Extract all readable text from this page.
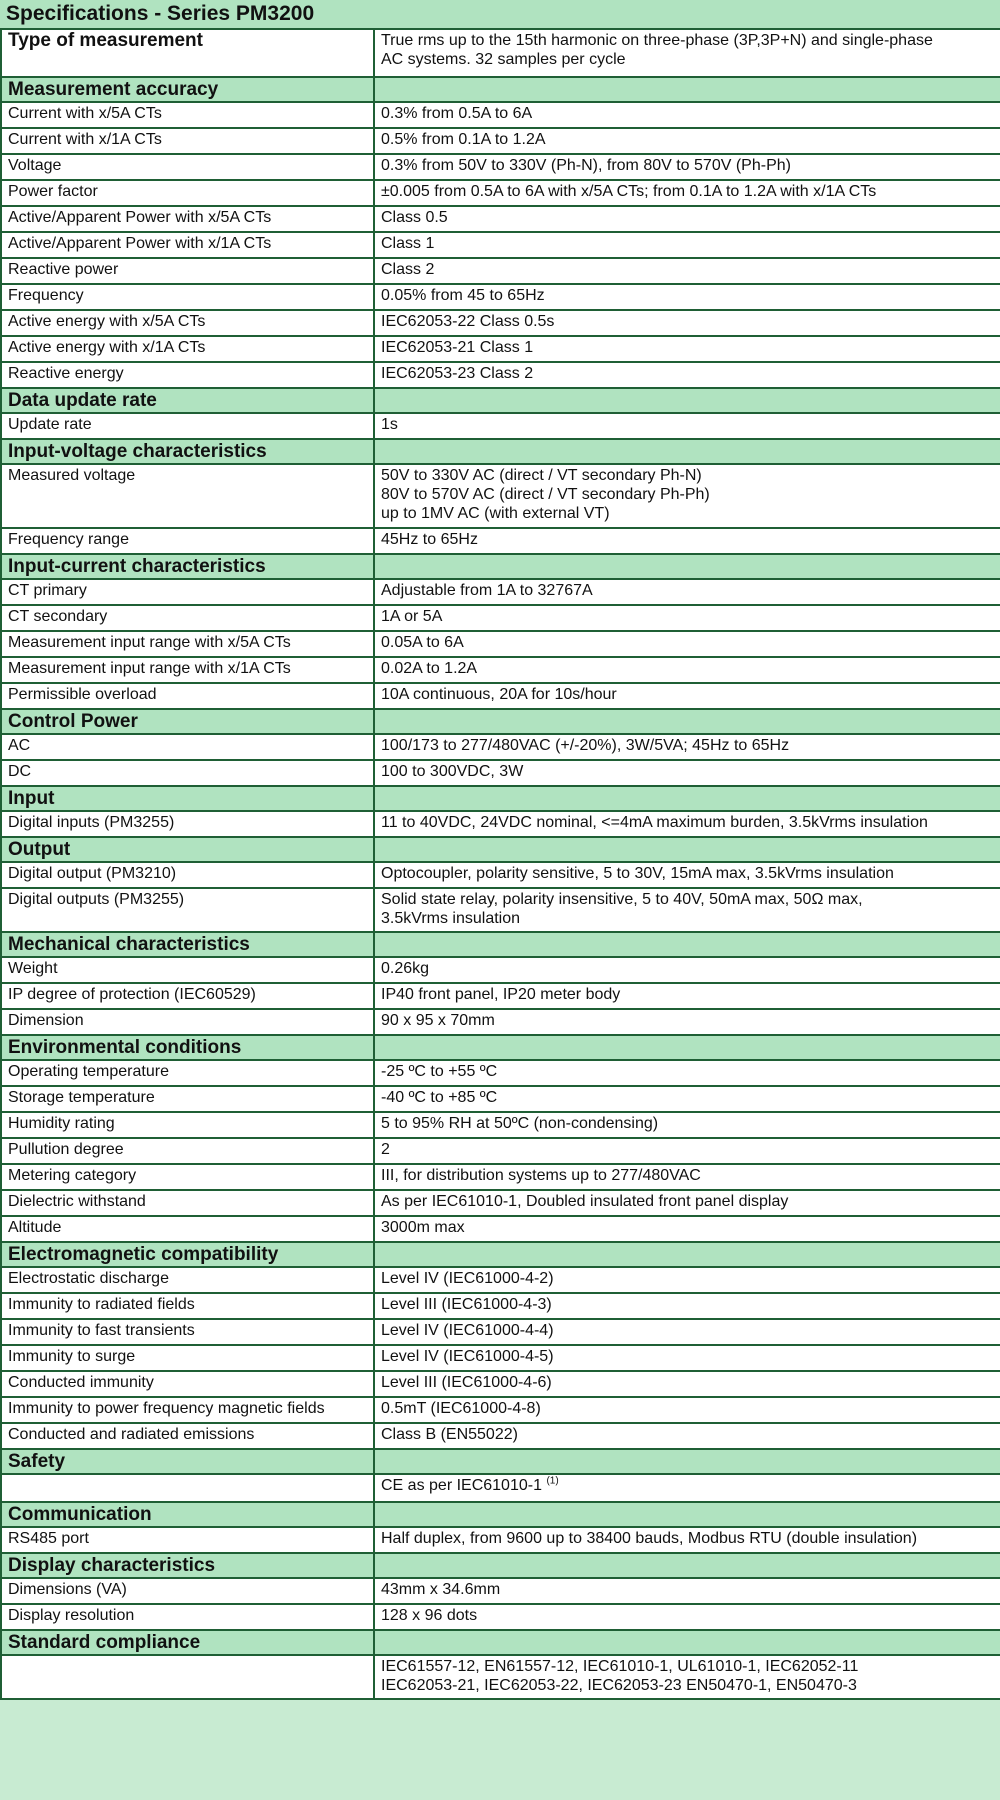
Specifications - Series PM3200
Type of measurement	True rms up to the 15th harmonic on three-phase (3P,3P+N) and single-phase
AC systems. 32 samples per cycle
Measurement accuracy	
Current with x/5A CTs	0.3% from 0.5A to 6A
Current with x/1A CTs	0.5% from 0.1A to 1.2A
Voltage	0.3% from 50V to 330V (Ph-N), from 80V to 570V (Ph-Ph)
Power factor	±0.005 from 0.5A to 6A with x/5A CTs; from 0.1A to 1.2A with x/1A CTs
Active/Apparent Power with x/5A CTs	Class 0.5
Active/Apparent Power with x/1A CTs	Class 1
Reactive power	Class 2
Frequency	0.05% from 45 to 65Hz
Active energy with x/5A CTs	IEC62053-22 Class 0.5s
Active energy with x/1A CTs	IEC62053-21 Class 1
Reactive energy	IEC62053-23 Class 2
Data update rate	
Update rate	1s
Input-voltage characteristics	
Measured voltage	50V to 330V AC (direct / VT secondary Ph-N)
80V to 570V AC (direct / VT secondary Ph-Ph)
up to 1MV AC (with external VT)
Frequency range	45Hz to 65Hz
Input-current characteristics	
CT primary	Adjustable from 1A to 32767A
CT secondary	1A or 5A
Measurement input range with x/5A CTs	0.05A to 6A
Measurement input range with x/1A CTs	0.02A to 1.2A
Permissible overload	10A continuous, 20A for 10s/hour
Control Power	
AC	100/173 to 277/480VAC (+/-20%), 3W/5VA; 45Hz to 65Hz
DC	100 to 300VDC, 3W
Input	
Digital inputs (PM3255)	11 to 40VDC, 24VDC nominal, <=4mA maximum burden, 3.5kVrms insulation
Output	
Digital output (PM3210)	Optocoupler, polarity sensitive, 5 to 30V, 15mA max, 3.5kVrms insulation
Digital outputs (PM3255)	Solid state relay, polarity insensitive, 5 to 40V, 50mA max, 50Ω max,
3.5kVrms insulation
Mechanical characteristics	
Weight	0.26kg
IP degree of protection (IEC60529)	IP40 front panel, IP20 meter body
Dimension	90 x 95 x 70mm
Environmental conditions	
Operating temperature	-25 ºC to +55 ºC
Storage temperature	-40 ºC to +85 ºC
Humidity rating	5 to 95% RH at 50ºC (non-condensing)
Pullution degree	2
Metering category	III, for distribution systems up to 277/480VAC
Dielectric withstand	As per IEC61010-1, Doubled insulated front panel display
Altitude	3000m max
Electromagnetic compatibility	
Electrostatic discharge	Level IV (IEC61000-4-2)
Immunity to radiated fields	Level III (IEC61000-4-3)
Immunity to fast transients	Level IV (IEC61000-4-4)
Immunity to surge	Level IV (IEC61000-4-5)
Conducted immunity	Level III (IEC61000-4-6)
Immunity to power frequency magnetic fields	0.5mT (IEC61000-4-8)
Conducted and radiated emissions	Class B (EN55022)
Safety	
	CE as per IEC61010-1 $^{(1)}$
Communication	
RS485 port	Half duplex, from 9600 up to 38400 bauds, Modbus RTU (double insulation)
Display characteristics	
Dimensions (VA)	43mm x 34.6mm
Display resolution	128 x 96 dots
Standard compliance	
	IEC61557-12, EN61557-12, IEC61010-1, UL61010-1, IEC62052-11
IEC62053-21, IEC62053-22, IEC62053-23 EN50470-1, EN50470-3
